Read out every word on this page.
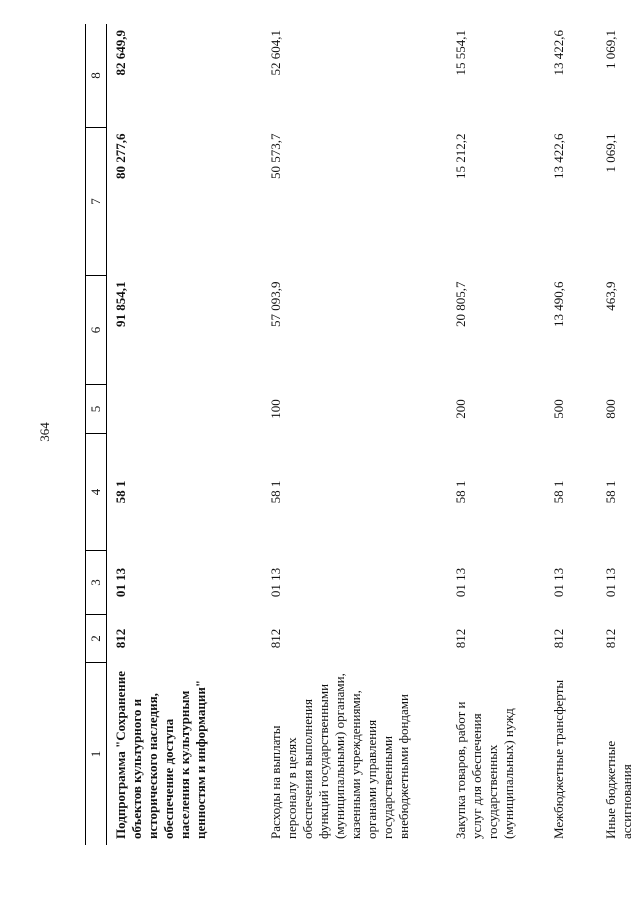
364
1	2	3	4	5	6	7	8
Подпрограмма "Сохранение объектов культурного и исторического наследия, обеспечение доступа населения к культурным ценностям и информации"	812	01 13	58 1		91 854,1	80 277,6	82 649,9
Расходы на выплаты персоналу в целях обеспечения выполнения функций государственными (муниципальными) органами, казенными учреждениями, органами управления государственными внебюджетными фондами	812	01 13	58 1	100	57 093,9	50 573,7	52 604,1
Закупка товаров, работ и услуг для обеспечения государственных (муниципальных) нужд	812	01 13	58 1	200	20 805,7	15 212,2	15 554,1
Межбюджетные трансферты	812	01 13	58 1	500	13 490,6	13 422,6	13 422,6
Иные бюджетные ассигнования	812	01 13	58 1	800	463,9	1 069,1	1 069,1
